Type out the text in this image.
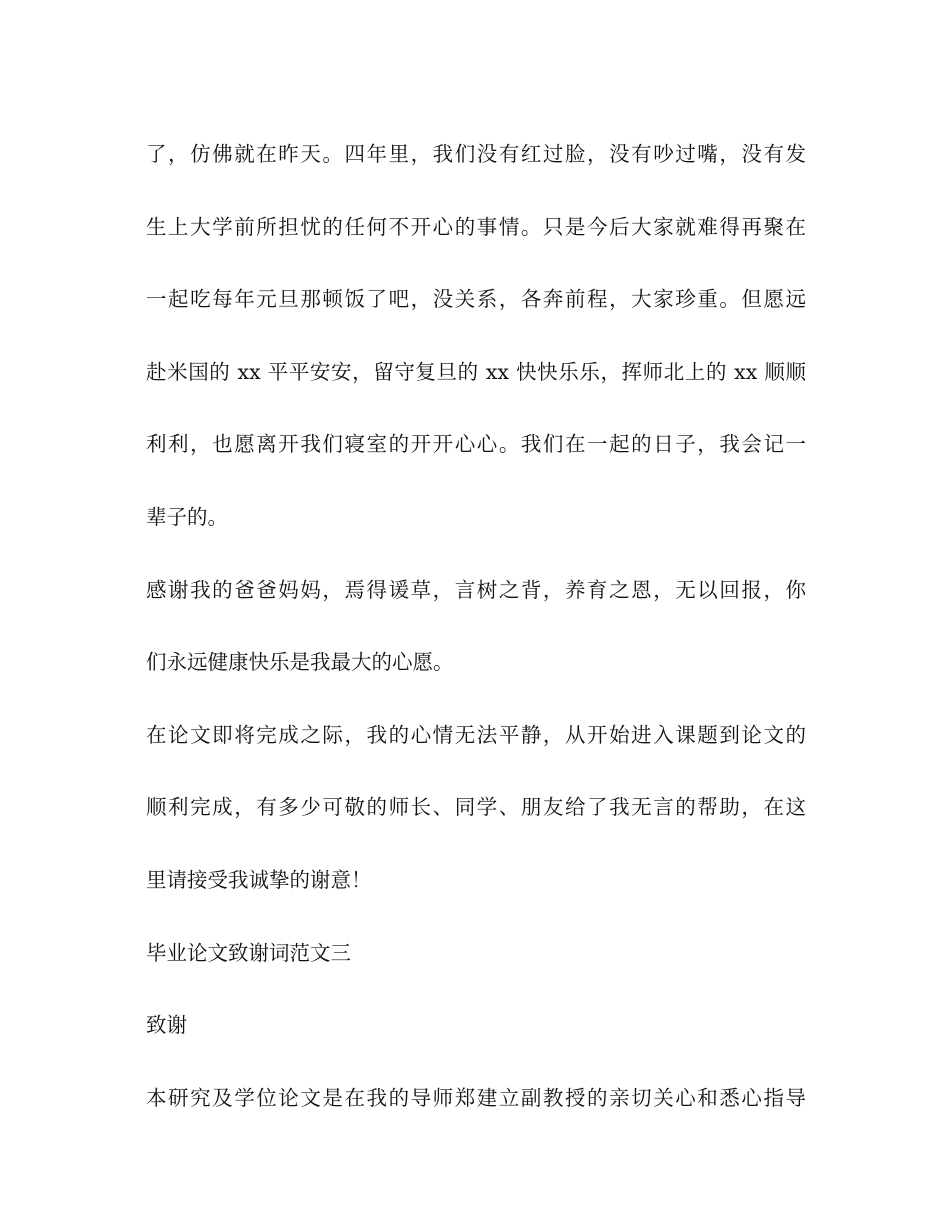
了，仿佛就在昨天。四年里，我们没有红过脸，没有吵过嘴，没有发
生上大学前所担忧的任何不开心的事情。只是今后大家就难得再聚在
一起吃每年元旦那顿饭了吧，没关系，各奔前程，大家珍重。但愿远
赴米国的 xx 平平安安，留守复旦的 xx 快快乐乐，挥师北上的 xx 顺顺
利利，也愿离开我们寝室的开开心心。我们在一起的日子，我会记一
辈子的。
感谢我的爸爸妈妈，焉得谖草，言树之背，养育之恩，无以回报，你
们永远健康快乐是我最大的心愿。
在论文即将完成之际，我的心情无法平静，从开始进入课题到论文的
顺利完成，有多少可敬的师长、同学、朋友给了我无言的帮助，在这
里请接受我诚挚的谢意！
毕业论文致谢词范文三
致谢
本研究及学位论文是在我的导师郑建立副教授的亲切关心和悉心指导
